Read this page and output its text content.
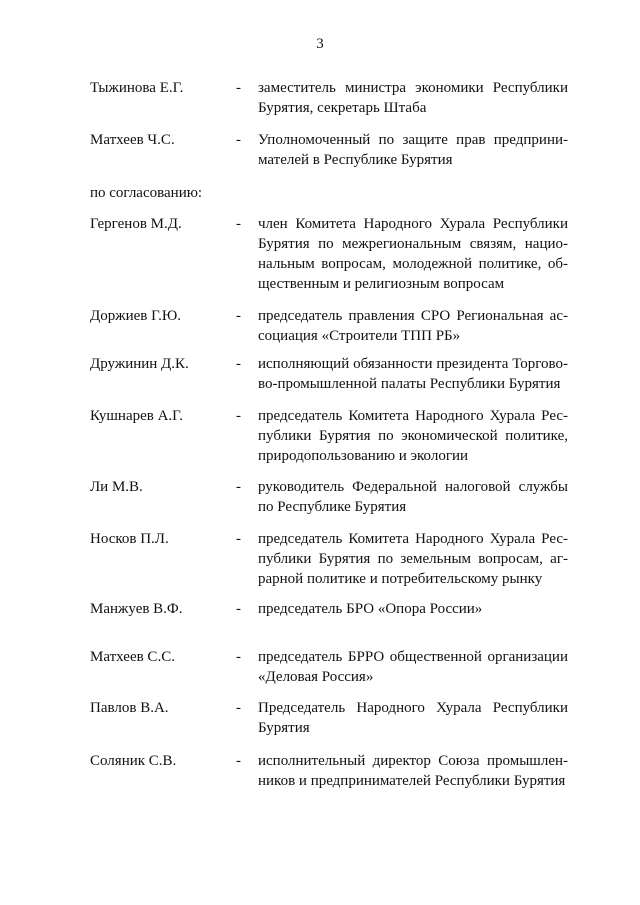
3
Тыжинова Е.Г.	- заместитель министра экономики Республики
Бурятия, секретарь Штаба
Матхеев Ч.С.	- Уполномоченный по защите прав предприни-
мателей в Республике Бурятия
по согласованию:
Гергенов М.Д.	- член Комитета Народного Хурала Республики
Бурятия по межрегиональным связям, нацио-
нальным вопросам, молодежной политике, об-
щественным и религиозным вопросам
Доржиев Г.Ю.	- председатель правления СРО Региональная ас-
социация «Строители ТПП РБ»
Дружинин Д.К.	- исполняющий обязанности президента Торгово-
во-промышленной палаты Республики Бурятия
Кушнарев А.Г.	- председатель Комитета Народного Хурала Рес-
публики Бурятия по экономической политике,
природопользованию и экологии
Ли М.В.	- руководитель Федеральной налоговой службы
по Республике Бурятия
Носков П.Л.	- председатель Комитета Народного Хурала Рес-
публики Бурятия по земельным вопросам, аг-
рарной политике и потребительскому рынку
Манжуев В.Ф.	- председатель БРО «Опора России»
Матхеев С.С.	- председатель БРРО общественной организации
«Деловая Россия»
Павлов В.А.	- Председатель Народного Хурала Республики
Бурятия
Соляник С.В.	- исполнительный директор Союза промышлен-
ников и предпринимателей Республики Бурятия
